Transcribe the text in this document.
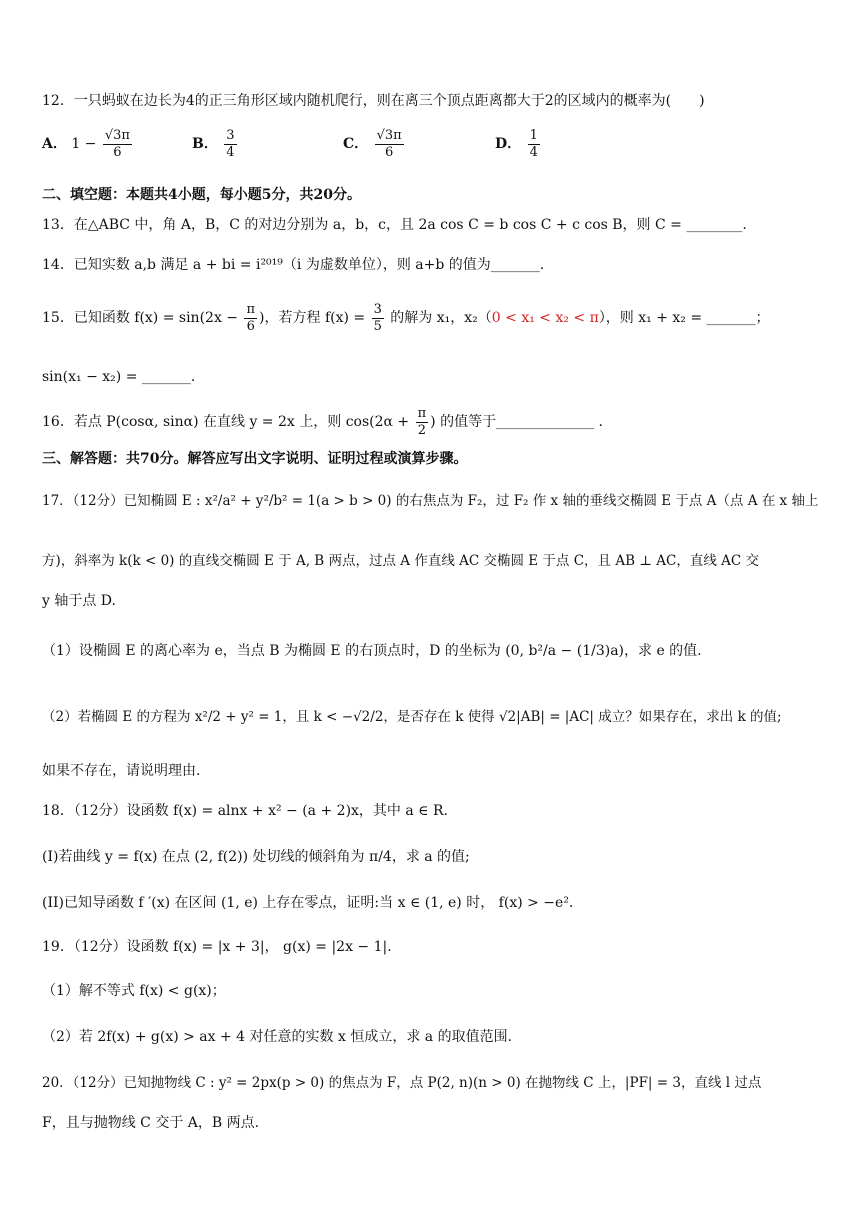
12．一只蚂蚁在边长为4的正三角形区域内随机爬行，则在离三个顶点距离都大于2的区域内的概率为(　　)
A． $1 - \frac{√3\pi}{6}$	B． $\frac{3}{4}$	C． $\frac{√3\pi}{6}$	D． $\frac{1}{4}$
二、填空题：本题共4小题，每小题5分，共20分。
13．在△ABC 中，角 A，B，C 的对边分别为 a，b，c，且 2a cos C = b cos C + c cos B，则 C = ________.
14．已知实数 a,b 满足 a + bi = i²⁰¹⁹（i 为虚数单位），则 a+b 的值为_______.
15．已知函数 $f(x) = \sin(2x - \frac{\pi}{6}$ )，若方程 $f(x) = \frac{3}{5}$ 的解为 x₁，x₂（0 < x₁ < x₂ < π），则 x₁ + x₂ = _______；
sin(x₁ − x₂) = _______.
16．若点 P(cosα, sinα) 在直线 y = 2x 上，则 $\cos(2\alpha + \frac{\pi}{2}$ ) 的值等于______________ .
三、解答题：共70分。解答应写出文字说明、证明过程或演算步骤。
17．（12分）已知椭圆 E : x²/a² + y²/b² = 1(a > b > 0) 的右焦点为 F₂，过 F₂ 作 x 轴的垂线交椭圆 E 于点 A（点 A 在 x 轴上
方)，斜率为 k(k < 0) 的直线交椭圆 E 于 A, B 两点，过点 A 作直线 AC 交椭圆 E 于点 C，且 AB ⊥ AC，直线 AC 交
y 轴于点 D.
（1）设椭圆 E 的离心率为 e，当点 B 为椭圆 E 的右顶点时，D 的坐标为 (0, b²/a − (1/3)a)，求 e 的值.
（2）若椭圆 E 的方程为 x²/2 + y² = 1，且 k < −√2/2，是否存在 k 使得 √2|AB| = |AC| 成立？如果存在，求出 k 的值;
如果不存在，请说明理由.
18．（12分）设函数 f(x) = alnx + x² − (a + 2)x，其中 a ∈ R.
(I)若曲线 y = f(x) 在点 (2, f(2)) 处切线的倾斜角为 π/4，求 a 的值;
(II)已知导函数 f ′(x) 在区间 (1, e) 上存在零点，证明:当 x ∈ (1, e) 时， f(x) > −e².
19．（12分）设函数 f(x) = |x + 3|， g(x) = |2x − 1|.
（1）解不等式 f(x) < g(x)；
（2）若 2f(x) + g(x) > ax + 4 对任意的实数 x 恒成立，求 a 的取值范围.
20．（12分）已知抛物线 C : y² = 2px(p > 0) 的焦点为 F，点 P(2, n)(n > 0) 在抛物线 C 上，|PF| = 3，直线 l 过点
F，且与抛物线 C 交于 A，B 两点.
